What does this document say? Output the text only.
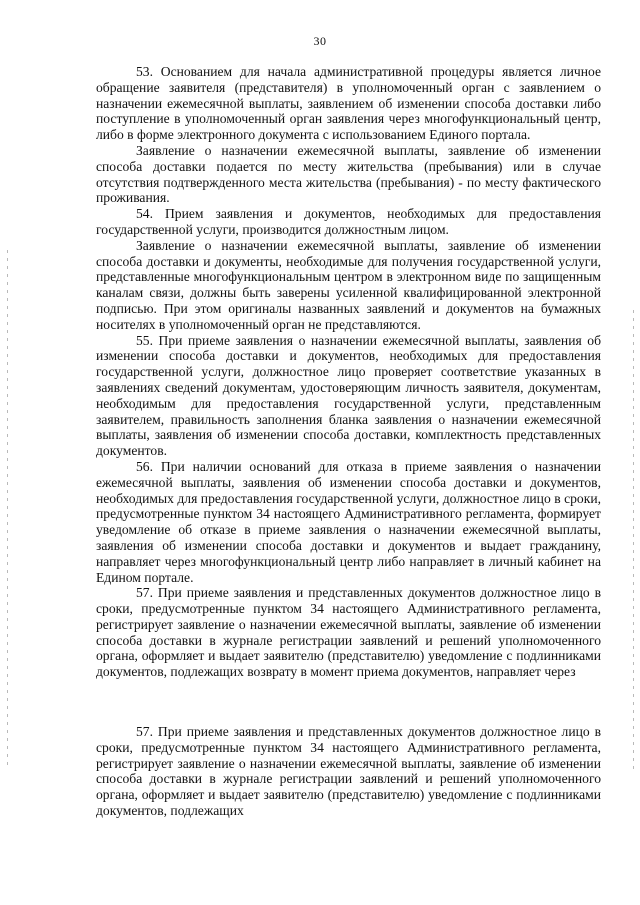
30

53. Основанием для начала административной процедуры является личное обращение заявителя (представителя) в уполномоченный орган с заявлением о назначении ежемесячной выплаты, заявлением об изменении способа доставки либо поступление в уполномоченный орган заявления через многофункциональный центр, либо в форме электронного документа с использованием Единого портала.

Заявление о назначении ежемесячной выплаты, заявление об изменении способа доставки подается по месту жительства (пребывания) или в случае отсутствия подтвержденного места жительства (пребывания) - по месту фактического проживания.

54. Прием заявления и документов, необходимых для предоставления государственной услуги, производится должностным лицом.

Заявление о назначении ежемесячной выплаты, заявление об изменении способа доставки и документы, необходимые для получения государственной услуги, представленные многофункциональным центром в электронном виде по защищенным каналам связи, должны быть заверены усиленной квалифицированной электронной подписью. При этом оригиналы названных заявлений и документов на бумажных носителях в уполномоченный орган не представляются.

55. При приеме заявления о назначении ежемесячной выплаты, заявления об изменении способа доставки и документов, необходимых для предоставления государственной услуги, должностное лицо проверяет соответствие указанных в заявлениях сведений документам, удостоверяющим личность заявителя, документам, необходимым для предоставления государственной услуги, представленным заявителем, правильность заполнения бланка заявления о назначении ежемесячной выплаты, заявления об изменении способа доставки, комплектность представленных документов.

56. При наличии оснований для отказа в приеме заявления о назначении ежемесячной выплаты, заявления об изменении способа доставки и документов, необходимых для предоставления государственной услуги, должностное лицо в сроки, предусмотренные пунктом 34 настоящего Административного регламента, формирует уведомление об отказе в приеме заявления о назначении ежемесячной выплаты, заявления об изменении способа доставки и документов и выдает гражданину, направляет через многофункциональный центр либо направляет в личный кабинет на Едином портале.

57. При приеме заявления и представленных документов должностное лицо в сроки, предусмотренные пунктом 34 настоящего Административного регламента, регистрирует заявление о назначении ежемесячной выплаты, заявление об изменении способа доставки в журнале регистрации заявлений и решений уполномоченного органа, оформляет и выдает заявителю (представителю) уведомление с подлинниками документов, подлежащих возврату в момент приема документов, направляет через

57. При приеме заявления и представленных документов должностное лицо в сроки, предусмотренные пунктом 34 настоящего Административного регламента, регистрирует заявление о назначении ежемесячной выплаты, заявление об изменении способа доставки в журнале регистрации заявлений и решений уполномоченного органа, оформляет и выдает заявителю (представителю) уведомление с подлинниками документов, подлежащих
